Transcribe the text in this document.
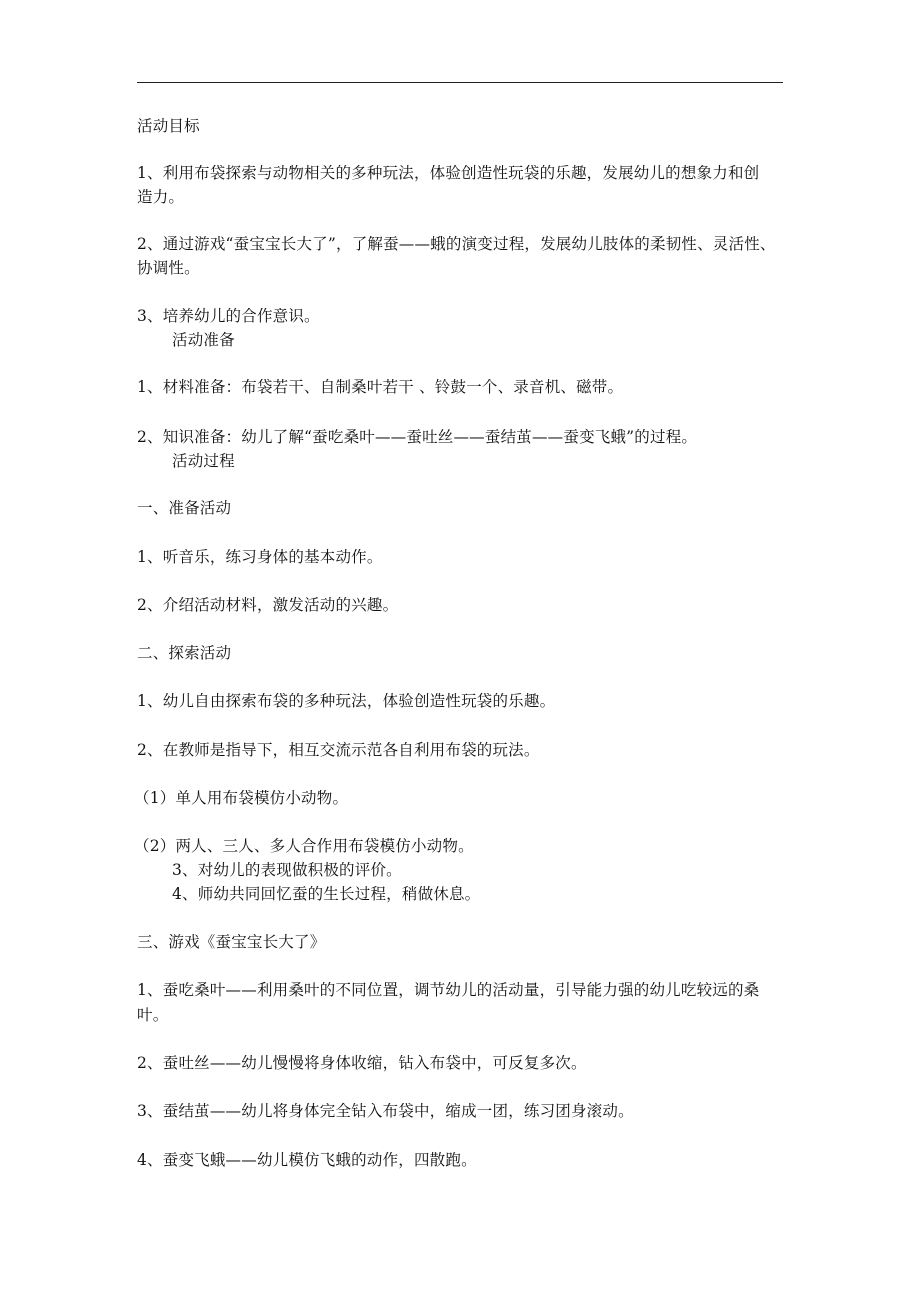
活动目标
1、利用布袋探索与动物相关的多种玩法，体验创造性玩袋的乐趣，发展幼儿的想象力和创
造力。
2、通过游戏“蚕宝宝长大了”，了解蚕——蛾的演变过程，发展幼儿肢体的柔韧性、灵活性、
协调性。
3、培养幼儿的合作意识。
活动准备
1、材料准备：布袋若干、自制桑叶若干 、铃鼓一个、录音机、磁带。
2、知识准备：幼儿了解“蚕吃桑叶——蚕吐丝——蚕结茧——蚕变飞蛾”的过程。
活动过程
一、准备活动
1、听音乐，练习身体的基本动作。
2、介绍活动材料，激发活动的兴趣。
二、探索活动
1、幼儿自由探索布袋的多种玩法，体验创造性玩袋的乐趣。
2、在教师是指导下，相互交流示范各自利用布袋的玩法。
（1）单人用布袋模仿小动物。
（2）两人、三人、多人合作用布袋模仿小动物。
3、对幼儿的表现做积极的评价。
4、师幼共同回忆蚕的生长过程，稍做休息。
三、游戏《蚕宝宝长大了》
1、蚕吃桑叶——利用桑叶的不同位置，调节幼儿的活动量，引导能力强的幼儿吃较远的桑
叶。
2、蚕吐丝——幼儿慢慢将身体收缩，钻入布袋中，可反复多次。
3、蚕结茧——幼儿将身体完全钻入布袋中，缩成一团，练习团身滚动。
4、蚕变飞蛾——幼儿模仿飞蛾的动作，四散跑。
